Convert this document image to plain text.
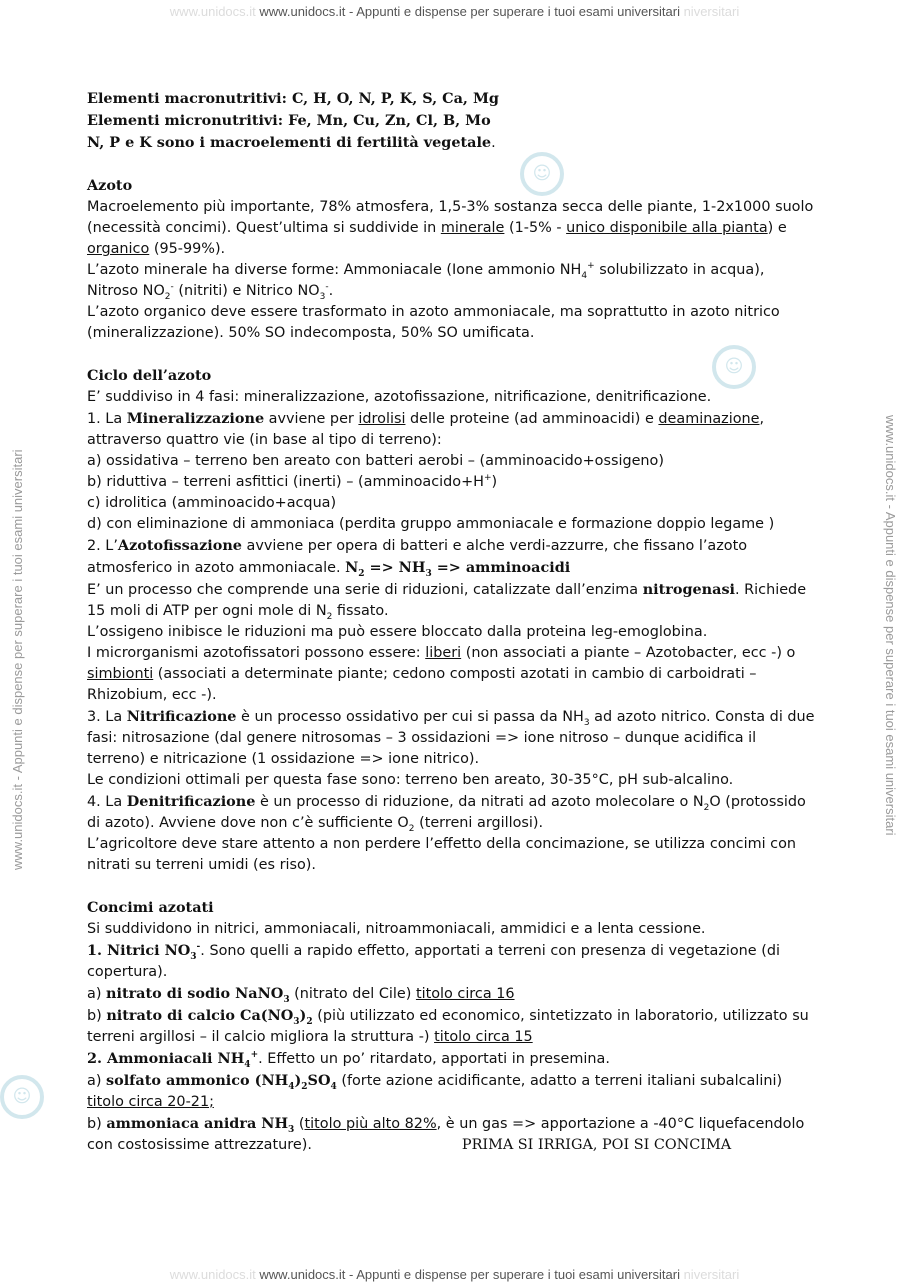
www.unidocs.it www.unidocs.it - Appunti e dispense per superare i tuoi esami universitari niversitari
www.unidocs.it www.unidocs.it - Appunti e dispense per superare i tuoi esami universitari niversitari
www.unidocs.it - Appunti e dispense per superare i tuoi esami universitari	www.unidocs.it - Appunti e dispense per superare i tuoi esami universitari
☺
☺
☺

Elementi macronutritivi: C, H, O, N, P, K, S, Ca, Mg

Elementi micronutritivi: Fe, Mn, Cu, Zn, Cl, B, Mo

N, P e K sono i macroelementi di fertilità vegetale.

Azoto

Macroelemento più importante, 78% atmosfera, 1,5-3% sostanza secca delle piante, 1-2x1000 suolo

(necessità concimi). Quest’ultima si suddivide in minerale (1-5% - unico disponibile alla pianta) e

organico (95-99%).

L’azoto minerale ha diverse forme: Ammoniacale (Ione ammonio $NH_4^+$ solubilizzato in acqua),

Nitroso $NO_2^-$ (nitriti) e Nitrico $NO_3^-$.

L’azoto organico deve essere trasformato in azoto ammoniacale, ma soprattutto in azoto nitrico

(mineralizzazione). 50% SO indecomposta, 50% SO umificata.

Ciclo dell’azoto

E’ suddiviso in 4 fasi: mineralizzazione, azotofissazione, nitrificazione, denitrificazione.

1. La Mineralizzazione avviene per idrolisi delle proteine (ad amminoacidi) e deaminazione,

attraverso quattro vie (in base al tipo di terreno):

a) ossidativa – terreno ben areato con batteri aerobi – (amminoacido+ossigeno)

b) riduttiva – terreni asfittici (inerti) – (amminoacido+H+)

c) idrolitica (amminoacido+acqua)

d) con eliminazione di ammoniaca (perdita gruppo ammoniacale e formazione doppio legame )

2. L’Azotofissazione avviene per opera di batteri e alche verdi-azzurre, che fissano l’azoto

atmosferico in azoto ammoniacale. $N_2 => NH_3$ => amminoacidi

E’ un processo che comprende una serie di riduzioni, catalizzate dall’enzima nitrogenasi. Richiede

15 moli di ATP per ogni mole di $N_2$ fissato.

L’ossigeno inibisce le riduzioni ma può essere bloccato dalla proteina leg-emoglobina.

I microrganismi azotofissatori possono essere: liberi (non associati a piante – Azotobacter, ecc -) o

simbionti (associati a determinate piante; cedono composti azotati in cambio di carboidrati –

Rhizobium, ecc -).

3. La Nitrificazione è un processo ossidativo per cui si passa da $NH_3$ ad azoto nitrico. Consta di due

fasi: nitrosazione (dal genere nitrosomas – 3 ossidazioni => ione nitroso – dunque acidifica il

terreno) e nitricazione (1 ossidazione => ione nitrico).

Le condizioni ottimali per questa fase sono: terreno ben areato, 30-35°C, pH sub-alcalino.

4. La Denitrificazione è un processo di riduzione, da nitrati ad azoto molecolare o $N_2O$ (protossido

di azoto). Avviene dove non c’è sufficiente $O_2$ (terreni argillosi).

L’agricoltore deve stare attento a non perdere l’effetto della concimazione, se utilizza concimi con

nitrati su terreni umidi (es riso).

Concimi azotati

Si suddividono in nitrici, ammoniacali, nitroammoniacali, ammidici e a lenta cessione.

1. Nitrici $NO_3^-$. Sono quelli a rapido effetto, apportati a terreni con presenza di vegetazione (di

copertura).

a) nitrato di sodio NaNO$_3$ (nitrato del Cile) titolo circa 16

b) nitrato di calcio $Ca(NO_3)_2$ (più utilizzato ed economico, sintetizzato in laboratorio, utilizzato su

terreni argillosi – il calcio migliora la struttura -) titolo circa 15

2. Ammoniacali $NH_4^+$. Effetto un po’ ritardato, apportati in presemina.

a) solfato ammonico $(NH_4)_2SO_4$ (forte azione acidificante, adatto a terreni italiani subalcalini)

titolo circa 20-21;

b) ammoniaca anidra $NH_3$ (titolo più alto 82%, è un gas => apportazione a -40°C liquefacendolo

con costosissime attrezzature).	PRIMA SI IRRIGA, POI SI CONCIMA
